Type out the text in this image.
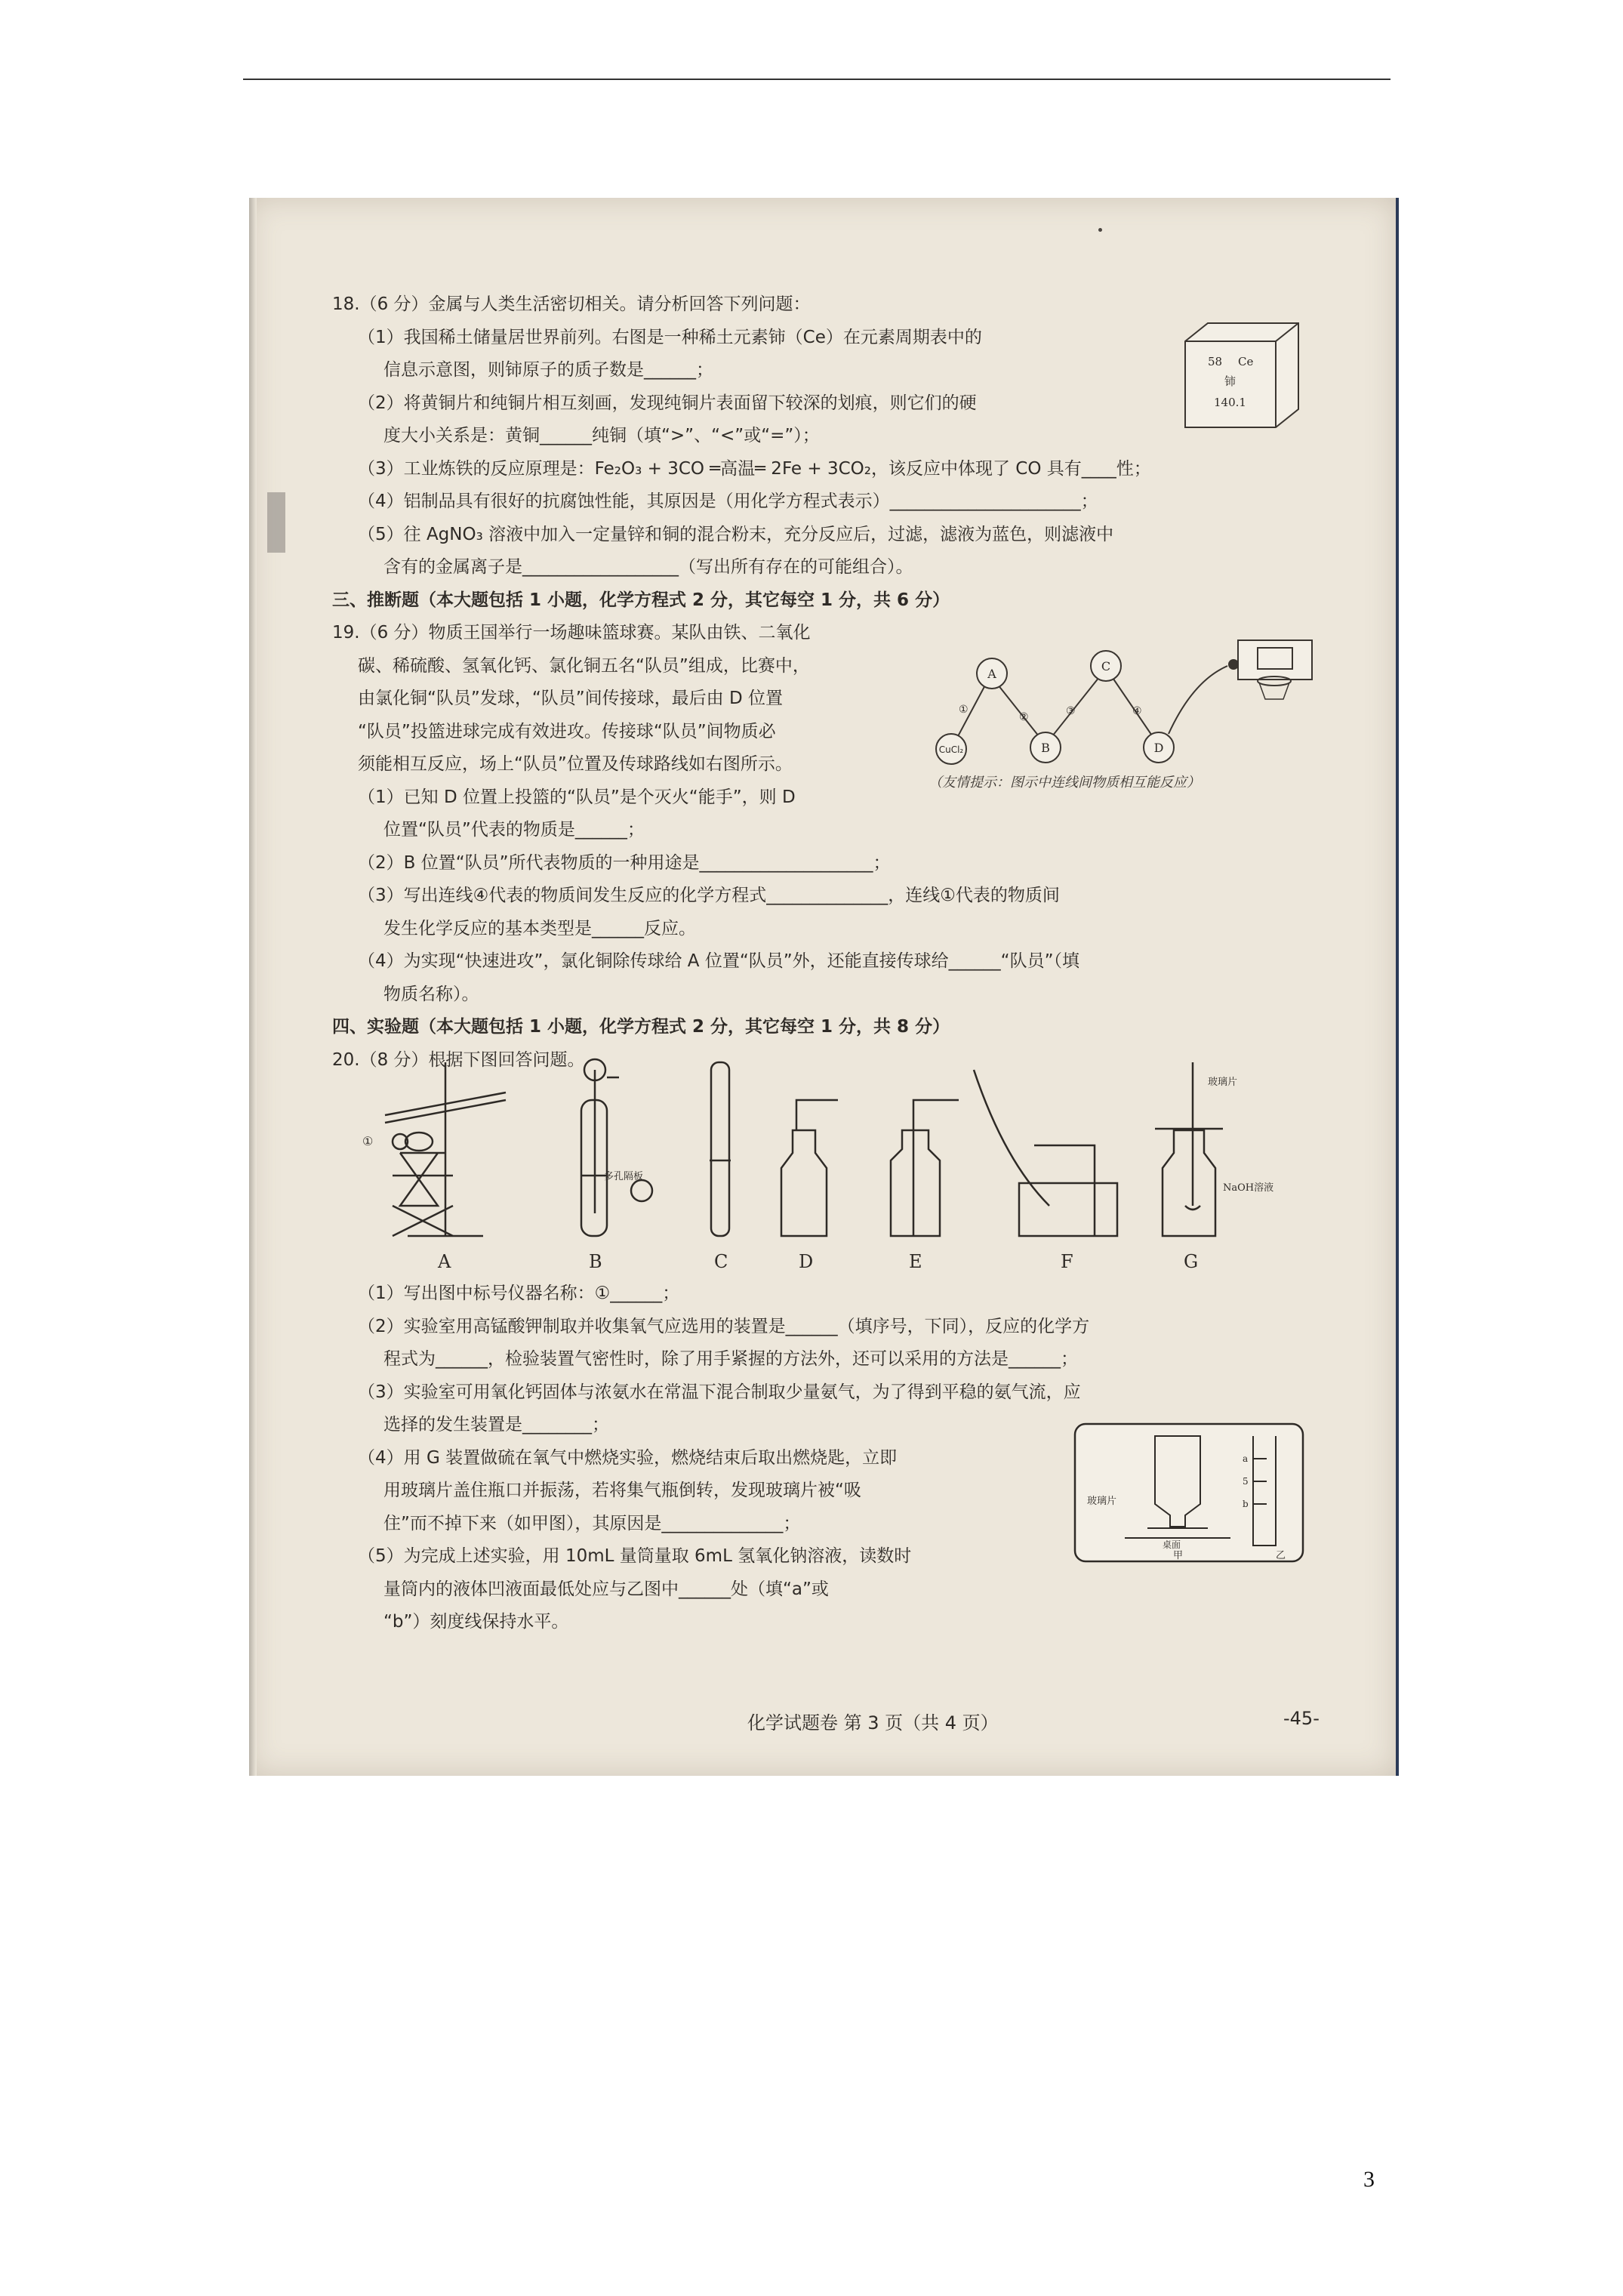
18.（6 分）金属与人类生活密切相关。请分析回答下列问题：
（1）我国稀土储量居世界前列。右图是一种稀土元素铈（Ce）在元素周期表中的
信息示意图，则铈原子的质子数是______；
（2）将黄铜片和纯铜片相互刻画，发现纯铜片表面留下较深的划痕，则它们的硬
度大小关系是：黄铜______纯铜（填“>”、“<”或“=”）；
（3）工业炼铁的反应原理是：Fe₂O₃ + 3CO ═高温═ 2Fe + 3CO₂，该反应中体现了 CO 具有____性；
（4）铝制品具有很好的抗腐蚀性能，其原因是（用化学方程式表示）______________________；
（5）往 AgNO₃ 溶液中加入一定量锌和铜的混合粉末，充分反应后，过滤，滤液为蓝色，则滤液中
含有的金属离子是__________________（写出所有存在的可能组合）。
三、推断题（本大题包括 1 小题，化学方程式 2 分，其它每空 1 分，共 6 分）
19.（6 分）物质王国举行一场趣味篮球赛。某队由铁、二氧化
碳、稀硫酸、氢氧化钙、氯化铜五名“队员”组成，比赛中，
由氯化铜“队员”发球，“队员”间传接球，最后由 D 位置
“队员”投篮进球完成有效进攻。传接球“队员”间物质必
须能相互反应，场上“队员”位置及传球路线如右图所示。
（1）已知 D 位置上投篮的“队员”是个灭火“能手”，则 D
位置“队员”代表的物质是______；
（2）B 位置“队员”所代表物质的一种用途是____________________；
（3）写出连线④代表的物质间发生反应的化学方程式______________，连线①代表的物质间
发生化学反应的基本类型是______反应。
（4）为实现“快速进攻”，氯化铜除传球给 A 位置“队员”外，还能直接传球给______“队员”（填
物质名称）。
四、实验题（本大题包括 1 小题，化学方程式 2 分，其它每空 1 分，共 8 分）
20.（8 分）根据下图回答问题。
58 Ce
铈
140.1
CuCl₂
A
B
C
D
①
②	③	④
（友情提示：图示中连线间物质相互能反应）
多孔隔板
玻璃片
NaOH溶液
①
A	B	C	D	E	F	G
（1）写出图中标号仪器名称：①______；
（2）实验室用高锰酸钾制取并收集氧气应选用的装置是______（填序号，下同），反应的化学方
程式为______，检验装置气密性时，除了用手紧握的方法外，还可以采用的方法是______；
（3）实验室可用氧化钙固体与浓氨水在常温下混合制取少量氨气，为了得到平稳的氨气流，应
选择的发生装置是________；
（4）用 G 装置做硫在氧气中燃烧实验，燃烧结束后取出燃烧匙，立即
用玻璃片盖住瓶口并振荡，若将集气瓶倒转，发现玻璃片被“吸
住”而不掉下来（如甲图），其原因是______________；
（5）为完成上述实验，用 10mL 量筒量取 6mL 氢氧化钠溶液，读数时
量筒内的液体凹液面最低处应与乙图中______处（填“a”或
“b”）刻度线保持水平。
玻璃片
桌面
甲	乙
a
5
b
化学试题卷 第 3 页（共 4 页）	-45-
3
